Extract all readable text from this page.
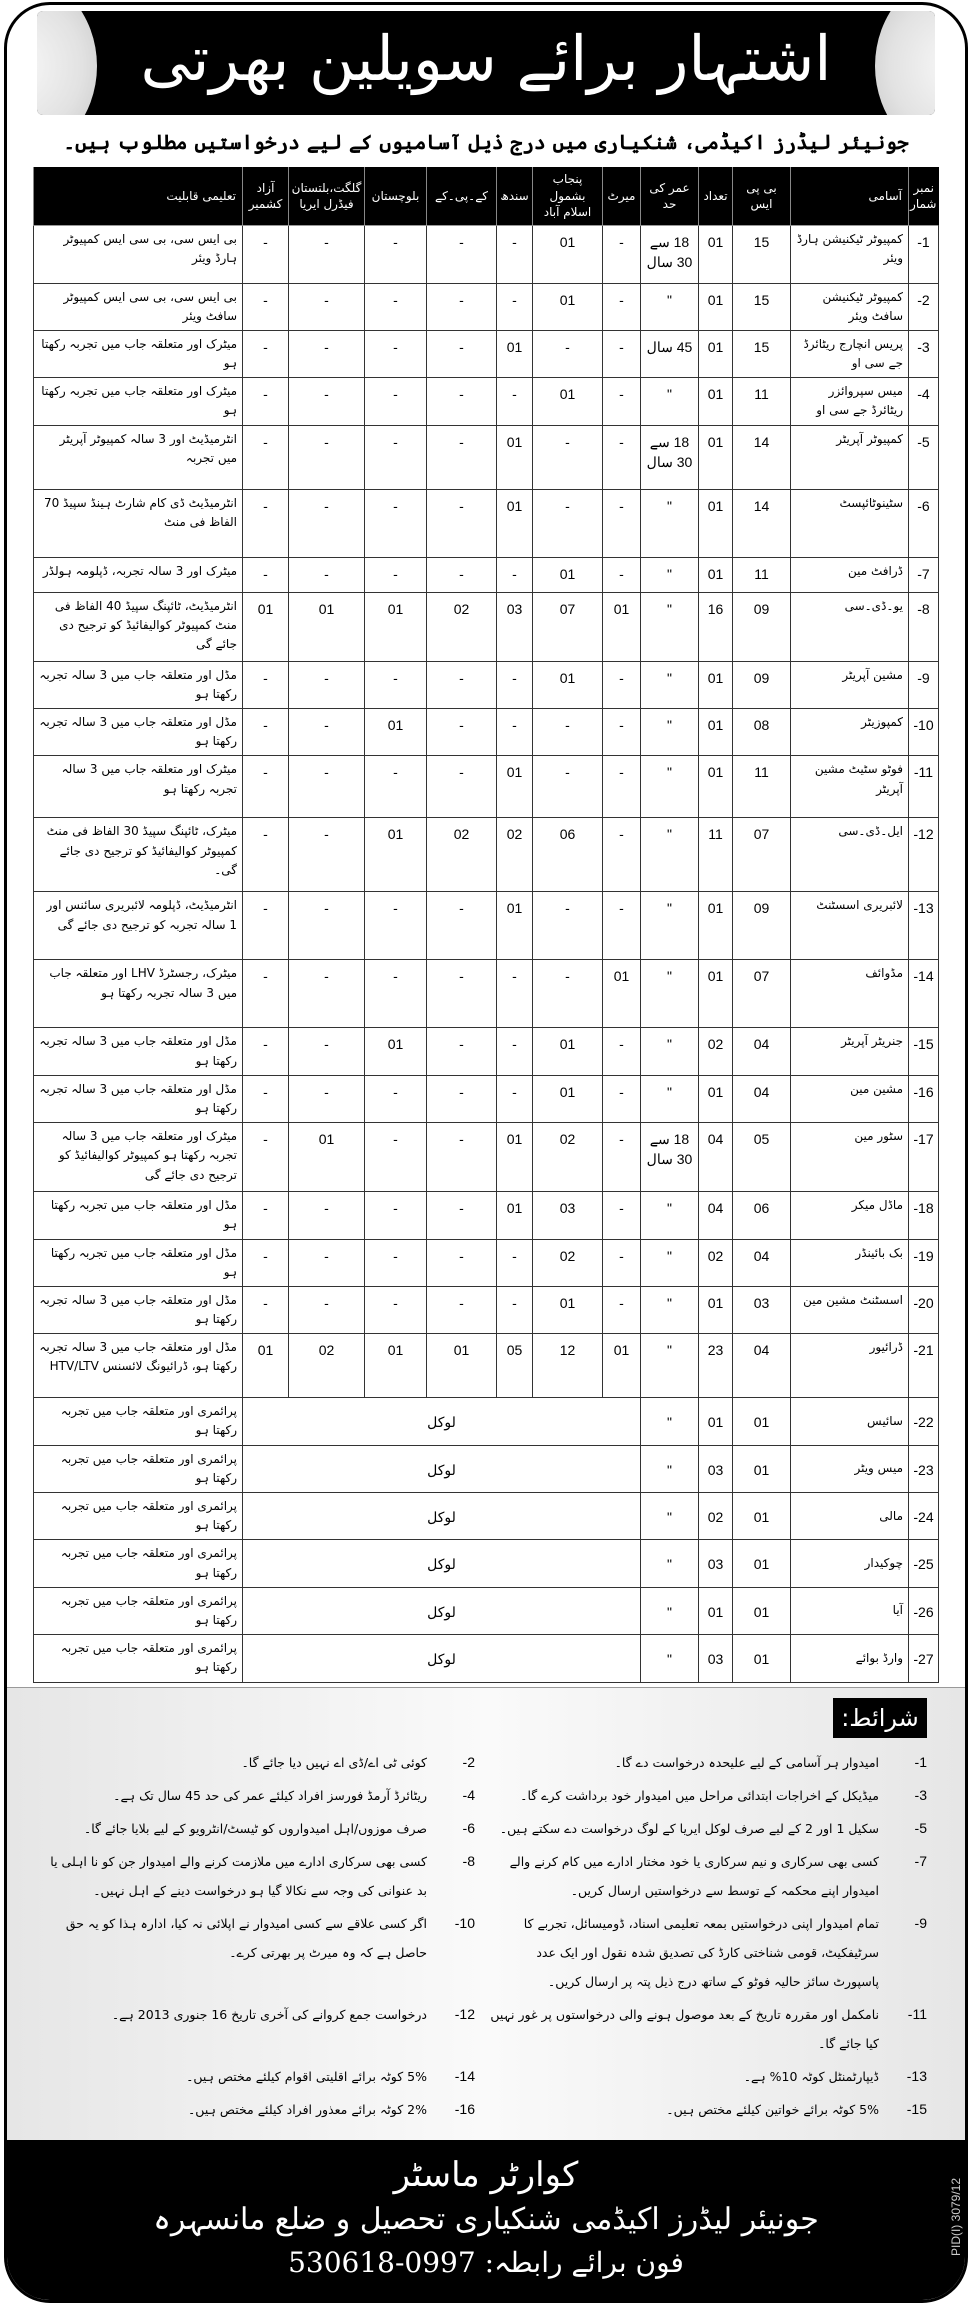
اشتہار برائے سویلین بھرتی
جونیئر لیڈرز اکیڈمی، شنکیاری میں درج ذیل آسامیوں کے لیے درخواستیں مطلوب ہیں۔
نمبر شمار	آسامی	بی پی ایس	تعداد	عمر کی حد	میرٹ	پنجاب بشمول اسلام آباد	سندھ	کے۔پی۔کے	بلوچستان	گلگت،بلتستان فیڈرل ایریا	آزاد کشمیر	تعلیمی قابلیت
-1	کمپیوٹر ٹیکنیشن ہارڈ ویئر	15	01	18 سے 30 سال	-	01	-	-	-	-	-	بی ایس سی، بی سی ایس کمپیوٹر ہارڈ ویئر
-2	کمپیوٹر ٹیکنیشن سافٹ ویئر	15	01	"	-	01	-	-	-	-	-	بی ایس سی، بی سی ایس کمپیوٹر سافٹ ویئر
-3	پریس انچارج ریٹائرڈ جے سی او	15	01	45 سال	-	-	01	-	-	-	-	میٹرک اور متعلقہ جاب میں تجربہ رکھتا ہو
-4	میس سپروائزر ریٹائرڈ جے سی او	11	01	"	-	01	-	-	-	-	-	میٹرک اور متعلقہ جاب میں تجربہ رکھتا ہو
-5	کمپیوٹر آپریٹر	14	01	18 سے 30 سال	-	-	01	-	-	-	-	انٹرمیڈیٹ اور 3 سالہ کمپیوٹر آپریٹر میں تجربہ
-6	سٹینوٹائپسٹ	14	01	"	-	-	01	-	-	-	-	انٹرمیڈیٹ ڈی کام شارٹ ہینڈ سپیڈ 70 الفاظ فی منٹ
-7	ڈرافٹ مین	11	01	"	-	01	-	-	-	-	-	میٹرک اور 3 سالہ تجربہ، ڈپلومہ ہولڈر
-8	یو۔ڈی۔سی	09	16	"	01	07	03	02	01	01	01	انٹرمیڈیٹ، ٹائپنگ سپیڈ 40 الفاظ فی منٹ کمپیوٹر کوالیفائیڈ کو ترجیح دی جائے گی
-9	مشین آپریٹر	09	01	"	-	01	-	-	-	-	-	مڈل اور متعلقہ جاب میں 3 سالہ تجربہ رکھتا ہو
-10	کمپوزیٹر	08	01	"	-	-	-	-	01	-	-	مڈل اور متعلقہ جاب میں 3 سالہ تجربہ رکھتا ہو
-11	فوٹو سٹیٹ مشین آپریٹر	11	01	"	-	-	01	-	-	-	-	میٹرک اور متعلقہ جاب میں 3 سالہ تجربہ رکھتا ہو
-12	ایل۔ڈی۔سی	07	11	"	-	06	02	02	01	-	-	میٹرک، ٹائپنگ سپیڈ 30 الفاظ فی منٹ کمپیوٹر کوالیفائیڈ کو ترجیح دی جائے گی۔
-13	لائبریری اسسٹنٹ	09	01	"	-	-	01	-	-	-	-	انٹرمیڈیٹ، ڈپلومہ لائبریری سائنس اور 1 سالہ تجربہ کو ترجیح دی جائے گی
-14	مڈوائف	07	01	"	01	-	-	-	-	-	-	میٹرک، رجسٹرڈ LHV اور متعلقہ جاب میں 3 سالہ تجربہ رکھتا ہو
-15	جنریٹر آپریٹر	04	02	"	-	01	-	-	01	-	-	مڈل اور متعلقہ جاب میں 3 سالہ تجربہ رکھتا ہو
-16	مشین مین	04	01	"	-	01	-	-	-	-	-	مڈل اور متعلقہ جاب میں 3 سالہ تجربہ رکھتا ہو
-17	سٹور مین	05	04	18 سے 30 سال	-	02	01	-	-	01	-	میٹرک اور متعلقہ جاب میں 3 سالہ تجربہ رکھتا ہو کمپیوٹر کوالیفائیڈ کو ترجیح دی جائے گی
-18	ماڈل میکر	06	04	"	-	03	01	-	-	-	-	مڈل اور متعلقہ جاب میں تجربہ رکھتا ہو
-19	بک بائینڈر	04	02	"	-	02	-	-	-	-	-	مڈل اور متعلقہ جاب میں تجربہ رکھتا ہو
-20	اسسٹنٹ مشین مین	03	01	"	-	01	-	-	-	-	-	مڈل اور متعلقہ جاب میں 3 سالہ تجربہ رکھتا ہو
-21	ڈرائیور	04	23	"	01	12	05	01	01	02	01	مڈل اور متعلقہ جاب میں 3 سالہ تجربہ رکھتا ہو، ڈرائیونگ لائسنس HTV/LTV
-22	سائیس	01	01	"	لوکل							پرائمری اور متعلقہ جاب میں تجربہ رکھتا ہو
-23	میس ویٹر	01	03	"	لوکل							پرائمری اور متعلقہ جاب میں تجربہ رکھتا ہو
-24	مالی	01	02	"	لوکل							پرائمری اور متعلقہ جاب میں تجربہ رکھتا ہو
-25	چوکیدار	01	03	"	لوکل							پرائمری اور متعلقہ جاب میں تجربہ رکھتا ہو
-26	آیا	01	01	"	لوکل							پرائمری اور متعلقہ جاب میں تجربہ رکھتا ہو
-27	وارڈ بوائے	01	03	"	لوکل							پرائمری اور متعلقہ جاب میں تجربہ رکھتا ہو
شرائط:
-1
امیدوار ہر آسامی کے لیے علیحدہ درخواست دے گا۔
-2
کوئی ٹی اے/ڈی اے نہیں دیا جائے گا۔
-3
میڈیکل کے اخراجات ابتدائی مراحل میں امیدوار خود برداشت کرے گا۔
-4
ریٹائرڈ آرمڈ فورسز افراد کیلئے عمر کی حد 45 سال تک ہے۔
-5
سکیل 1 اور 2 کے لیے صرف لوکل ایریا کے لوگ درخواست دے سکتے ہیں۔
-6
صرف موزوں/اہل امیدواروں کو ٹیسٹ/انٹرویو کے لیے بلایا جائے گا۔
-7
کسی بھی سرکاری و نیم سرکاری یا خود مختار ادارے میں کام کرنے والے امیدوار اپنے محکمہ کے توسط سے درخواستیں ارسال کریں۔
-8
کسی بھی سرکاری ادارے میں ملازمت کرنے والے امیدوار جن کو نا اہلی یا بد عنوانی کی وجہ سے نکالا گیا ہو درخواست دینے کے اہل نہیں۔
-9
تمام امیدوار اپنی درخواستیں بمعہ تعلیمی اسناد، ڈومیسائل، تجربے کا سرٹیفکیٹ، قومی شناختی کارڈ کی تصدیق شدہ نقول اور ایک عدد پاسپورٹ سائز حالیہ فوٹو کے ساتھ درج ذیل پتہ پر ارسال کریں۔
-10
اگر کسی علاقے سے کسی امیدوار نے اپلائی نہ کیا، ادارہ ہذا کو یہ حق حاصل ہے کہ وہ میرٹ پر بھرتی کرے۔
-11
نامکمل اور مقررہ تاریخ کے بعد موصول ہونے والی درخواستوں پر غور نہیں کیا جائے گا۔
-12
درخواست جمع کروانے کی آخری تاریخ 16 جنوری 2013 ہے۔
-13
ڈیپارٹمنٹل کوٹہ 10% ہے۔
-14
5% کوٹہ برائے اقلیتی اقوام کیلئے مختص ہیں۔
-15
5% کوٹہ برائے خواتین کیلئے مختص ہیں۔
-16
2% کوٹہ برائے معذور افراد کیلئے مختص ہیں۔
کوارٹر ماسٹر
جونیئر لیڈرز اکیڈمی شنکیاری تحصیل و ضلع مانسہرہ
فون برائے رابطہ: 0997-530618
PID(I) 3079/12
